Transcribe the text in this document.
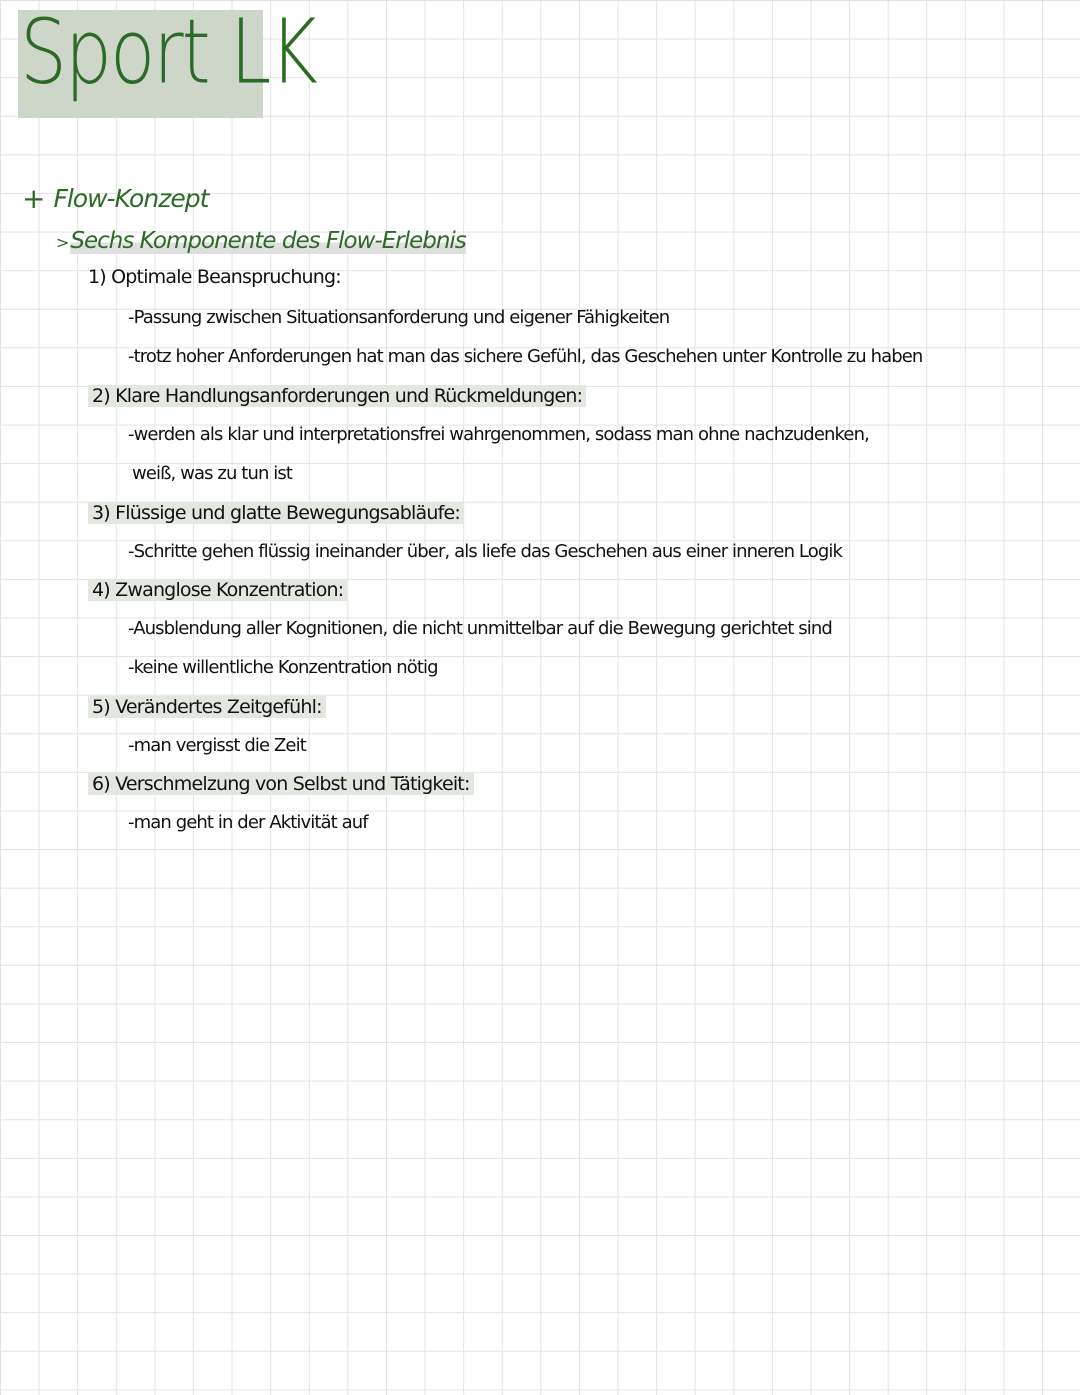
Sport LK
+ Flow-Konzept
>Sechs Komponente des Flow-Erlebnis
1) Optimale Beanspruchung:
-Passung zwischen Situationsanforderung und eigener Fähigkeiten
-trotz hoher Anforderungen hat man das sichere Gefühl, das Geschehen unter Kontrolle zu haben
2) Klare Handlungsanforderungen und Rückmeldungen:
-werden als klar und interpretationsfrei wahrgenommen, sodass man ohne nachzudenken,
weiß, was zu tun ist
3) Flüssige und glatte Bewegungsabläufe:
-Schritte gehen flüssig ineinander über, als liefe das Geschehen aus einer inneren Logik
4) Zwanglose Konzentration:
-Ausblendung aller Kognitionen, die nicht unmittelbar auf die Bewegung gerichtet sind
-keine willentliche Konzentration nötig
5) Verändertes Zeitgefühl:
-man vergisst die Zeit
6) Verschmelzung von Selbst und Tätigkeit:
-man geht in der Aktivität auf
